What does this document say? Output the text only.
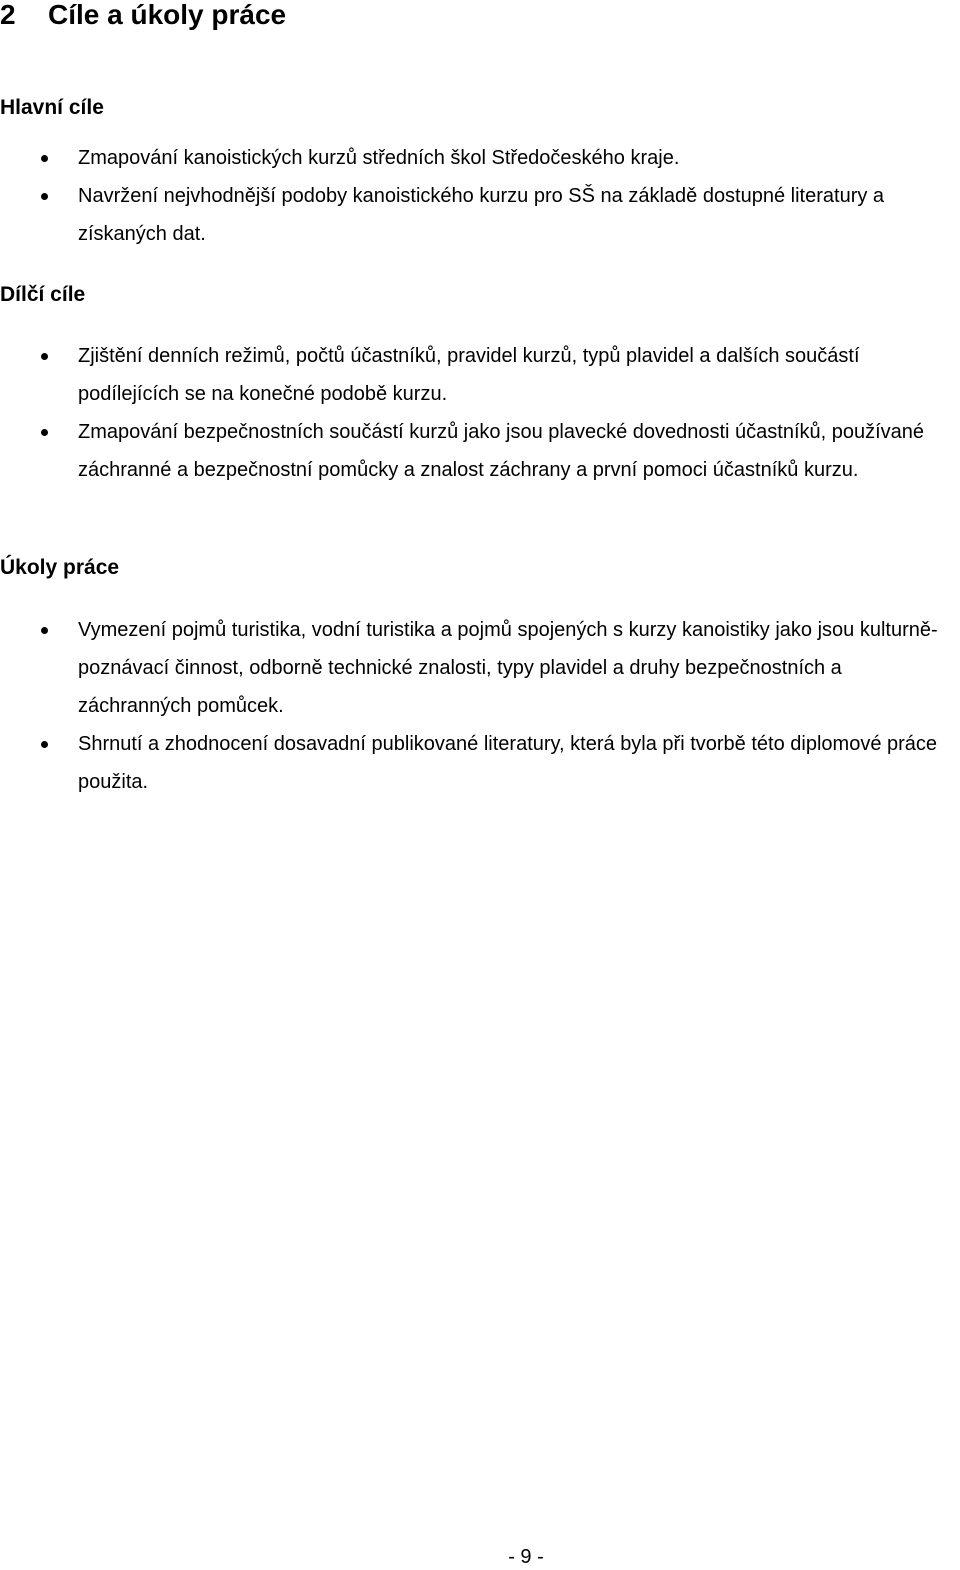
2 Cíle a úkoly práce
Hlavní cíle
Zmapování kanoistických kurzů středních škol Středočeského kraje.
Navržení nejvhodnější podoby kanoistického kurzu pro SŠ na základě dostupné literatury a získaných dat.
Dílčí cíle
Zjištění denních režimů, počtů účastníků, pravidel kurzů, typů plavidel a dalších součástí podílejících se na konečné podobě kurzu.
Zmapování bezpečnostních součástí kurzů jako jsou plavecké dovednosti účastníků, používané záchranné a bezpečnostní pomůcky a znalost záchrany a první pomoci účastníků kurzu.
Úkoly práce
Vymezení pojmů turistika, vodní turistika a pojmů spojených s kurzy kanoistiky jako jsou kulturně-poznávací činnost, odborně technické znalosti, typy plavidel a druhy bezpečnostních a záchranných pomůcek.
Shrnutí a zhodnocení dosavadní publikované literatury, která byla při tvorbě této diplomové práce použita.
- 9 -
